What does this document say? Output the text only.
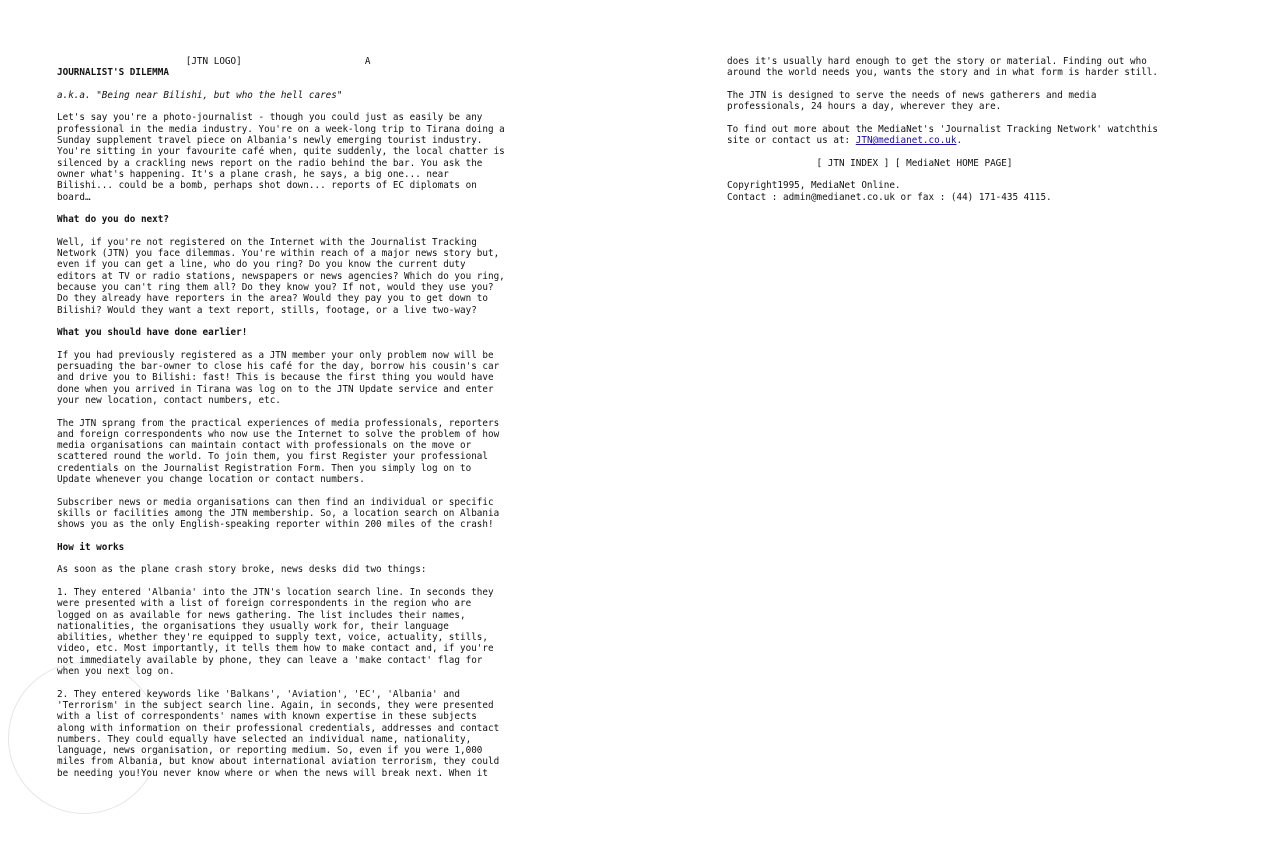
[JTN LOGO]                      A
JOURNALIST'S DILEMMA
a.k.a. "Being near Bilishi, but who the hell cares"
Let's say you're a photo-journalist - though you could just as easily be any
professional in the media industry. You're on a week-long trip to Tirana doing a
Sunday supplement travel piece on Albania's newly emerging tourist industry.
You're sitting in your favourite café when, quite suddenly, the local chatter is
silenced by a crackling news report on the radio behind the bar. You ask the
owner what's happening. It's a plane crash, he says, a big one... near
Bilishi... could be a bomb, perhaps shot down... reports of EC diplomats on
board…
What do you do next?
Well, if you're not registered on the Internet with the Journalist Tracking
Network (JTN) you face dilemmas. You're within reach of a major news story but,
even if you can get a line, who do you ring? Do you know the current duty
editors at TV or radio stations, newspapers or news agencies? Which do you ring,
because you can't ring them all? Do they know you? If not, would they use you?
Do they already have reporters in the area? Would they pay you to get down to
Bilishi? Would they want a text report, stills, footage, or a live two-way?
What you should have done earlier!
If you had previously registered as a JTN member your only problem now will be
persuading the bar-owner to close his café for the day, borrow his cousin's car
and drive you to Bilishi: fast! This is because the first thing you would have
done when you arrived in Tirana was log on to the JTN Update service and enter
your new location, contact numbers, etc.
The JTN sprang from the practical experiences of media professionals, reporters
and foreign correspondents who now use the Internet to solve the problem of how
media organisations can maintain contact with professionals on the move or
scattered round the world. To join them, you first Register your professional
credentials on the Journalist Registration Form. Then you simply log on to
Update whenever you change location or contact numbers.
Subscriber news or media organisations can then find an individual or specific
skills or facilities among the JTN membership. So, a location search on Albania
shows you as the only English-speaking reporter within 200 miles of the crash!
How it works
As soon as the plane crash story broke, news desks did two things:
1. They entered 'Albania' into the JTN's location search line. In seconds they
were presented with a list of foreign correspondents in the region who are
logged on as available for news gathering. The list includes their names,
nationalities, the organisations they usually work for, their language
abilities, whether they're equipped to supply text, voice, actuality, stills,
video, etc. Most importantly, it tells them how to make contact and, if you're
not immediately available by phone, they can leave a 'make contact' flag for
when you next log on.
2. They entered keywords like 'Balkans', 'Aviation', 'EC', 'Albania' and
'Terrorism' in the subject search line. Again, in seconds, they were presented
with a list of correspondents' names with known expertise in these subjects
along with information on their professional credentials, addresses and contact
numbers. They could equally have selected an individual name, nationality,
language, news organisation, or reporting medium. So, even if you were 1,000
miles from Albania, but know about international aviation terrorism, they could
be needing you!You never know where or when the news will break next. When it
does it's usually hard enough to get the story or material. Finding out who
around the world needs you, wants the story and in what form is harder still.
The JTN is designed to serve the needs of news gatherers and media
professionals, 24 hours a day, wherever they are.
To find out more about the MediaNet's 'Journalist Tracking Network' watchthis
site or contact us at: JTN@medianet.co.uk.
[ JTN INDEX ] [ MediaNet HOME PAGE]
Copyright1995, MediaNet Online.
Contact : admin@medianet.co.uk or fax : (44) 171-435 4115.
